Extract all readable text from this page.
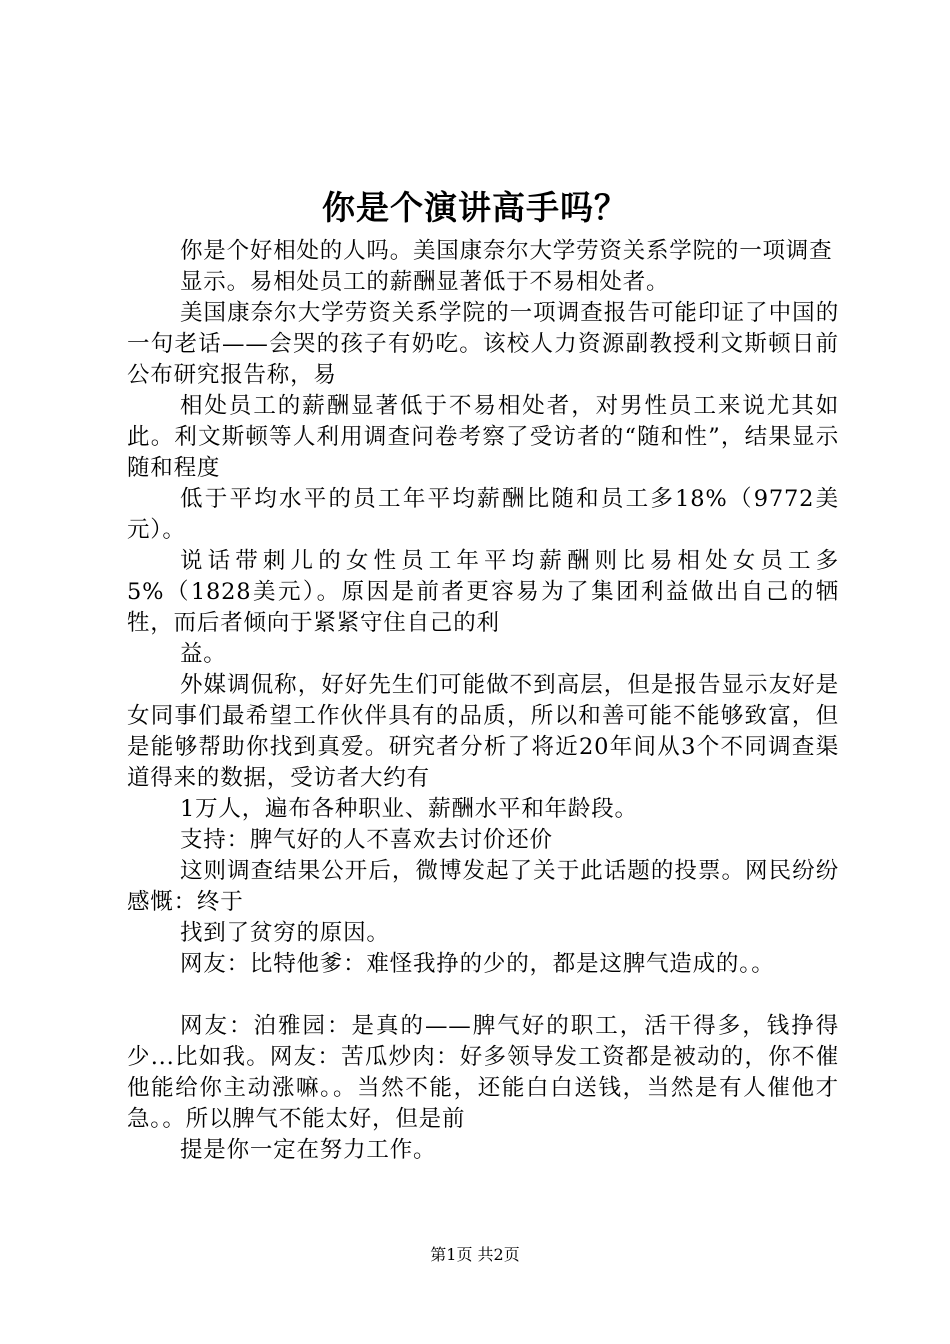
你是个演讲高手吗？

你是个好相处的人吗。美国康奈尔大学劳资关系学院的一项调查

显示。易相处员工的薪酬显著低于不易相处者。

美国康奈尔大学劳资关系学院的一项调查报告可能印证了中国的一句老话——会哭的孩子有奶吃。该校人力资源副教授利文斯顿日前公布研究报告称，易

相处员工的薪酬显著低于不易相处者，对男性员工来说尤其如此。利文斯顿等人利用调查问卷考察了受访者的“随和性”，结果显示随和程度

低于平均水平的员工年平均薪酬比随和员工多18%（9772美元）。

说话带刺儿的女性员工年平均薪酬则比易相处女员工多5%（1828美元）。原因是前者更容易为了集团利益做出自己的牺牲，而后者倾向于紧紧守住自己的利

益。

外媒调侃称，好好先生们可能做不到高层，但是报告显示友好是女同事们最希望工作伙伴具有的品质，所以和善可能不能够致富，但是能够帮助你找到真爱。研究者分析了将近20年间从3个不同调查渠道得来的数据，受访者大约有

1万人，遍布各种职业、薪酬水平和年龄段。

支持：脾气好的人不喜欢去讨价还价

这则调查结果公开后，微博发起了关于此话题的投票。网民纷纷感慨：终于

找到了贫穷的原因。

网友：比特他爹：难怪我挣的少的，都是这脾气造成的。。

网友：泊雅园：是真的——脾气好的职工，活干得多，钱挣得少...比如我。网友：苦瓜炒肉：好多领导发工资都是被动的，你不催他能给你主动涨嘛。。当然不能，还能白白送钱，当然是有人催他才急。。所以脾气不能太好，但是前

提是你一定在努力工作。

第1页 共2页
